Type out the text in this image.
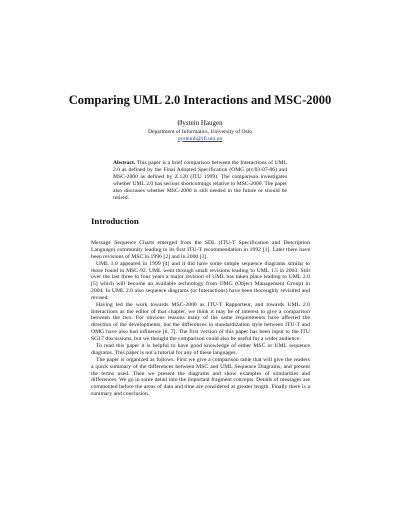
Comparing UML 2.0 Interactions and MSC-2000
Øystein Haugen
Department of Informatics, University of Oslo
oysteinh@ifi.uio.no
Abstract. This paper is a brief comparison between the Interactions of UML 2.0 as defined by the Final Adopted Specification (OMG ptc/03-07-06) and MSC-2000 as defined by Z.120 (ITU 1999). The comparison investigates whether UML 2.0 has serious shortcomings relative to MSC-2000. The paper also discusses whether MSC-2000 is still needed in the future or should be retired.
Introduction

Message Sequence Charts emerged from the SDL (ITU-T Specification and Description Language) community leading to its first ITU-T recommendation in 1992 [1]. Later there have been revisions of MSC in 1996 [2] and in 2000 [3].

UML 1.0 appeared in 1999 [4] and it did have some simple sequence diagrams similar to those found in MSC-92. UML went through small revisions leading to UML 1.5 in 2003. Still over the last three to four years a major revision of UML has taken place leading to UML 2.0 [5] which will become an available technology from OMG (Object Management Group) in 2004. In UML 2.0 also sequence diagrams (or Interactions) have been thoroughly revisited and revised.

Having led the work towards MSC-2000 as ITU-T Rapporteur, and towards UML 2.0 Interactions as the editor of that chapter, we think it may be of interest to give a comparison between the two. For obvious reasons many of the same requirements have affected the direction of the developments, but the differences in standardization style between ITU-T and OMG have also had influence [6, 7]. The first version of this paper has been input to the ITU SG17 discussions, but we thought the comparison could also be useful for a wider audience.

To read this paper it is helpful to have good knowledge of either MSC or UML sequence diagrams. This paper is not a tutorial for any of these languages.

The paper is organized as follows. First we give a comparison table that will give the readers a quick summary of the differences between MSC and UML Sequence Diagrams, and present the terms used. Then we present the diagrams and show examples of similarities and differences. We go in some detail into the important fragment concepts. Details of messages are commented before the areas of data and time are considered at greater length. Finally there is a summary and conclusion.
